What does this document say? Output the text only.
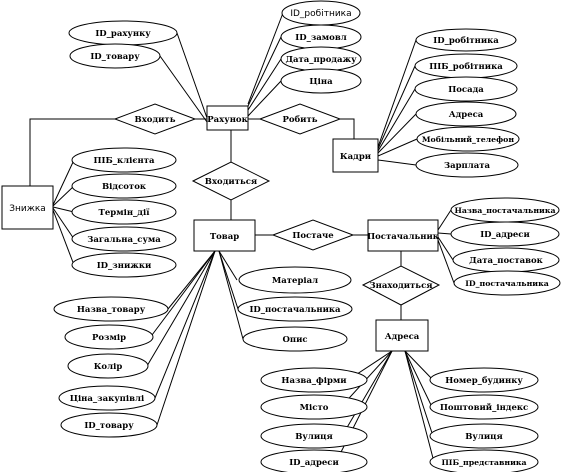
Рахунок
Кадри
Знижка
Товар	Постачальник
Адреса
Входить	Робить
Входиться
Постаче
Знаходиться
ID_робітника
ID_рахунку	ID_замовл
ID_товару	Дата_продажу
Ціна
ID_робітника
ПІБ_робітника
Посада
Адреса
Мобільний_телефон
Зарплата
ПІБ_клієнта
Відсоток
Термін_дії
Загальна_сума
ID_знижки
Матеріал
ID_постачальника
Опис
Назва_товару
Розмір
Колір
Ціна_закупівлі
ID_товару
Назва_постачальника
ID_адреси
Дата_поставок
ID_постачальника
Назва_фірми
Місто
Вулиця
ID_адреси
Номер_будинку
Поштовий_індекс
Вулиця
ПІБ_представника
